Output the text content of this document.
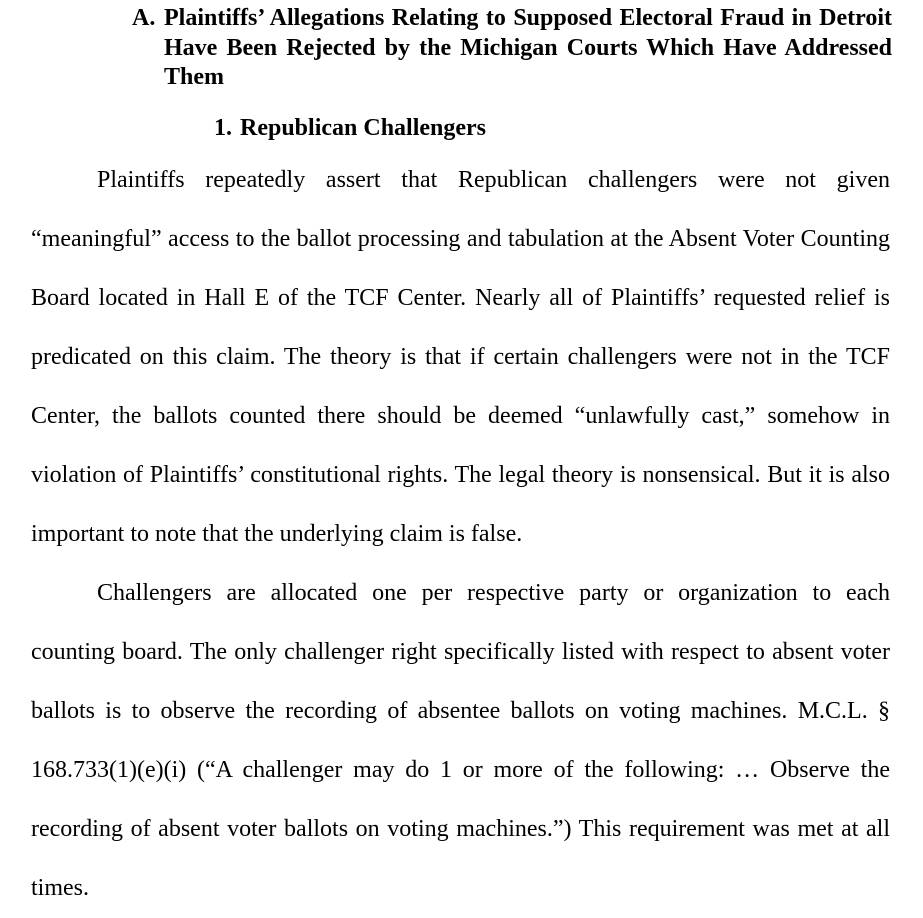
A. Plaintiffs’ Allegations Relating to Supposed Electoral Fraud in Detroit Have Been Rejected by the Michigan Courts Which Have Addressed Them
1. Republican Challengers

Plaintiffs repeatedly assert that Republican challengers were not given “meaningful” access to the ballot processing and tabulation at the Absent Voter Counting Board located in Hall E of the TCF Center. Nearly all of Plaintiffs’ requested relief is predicated on this claim. The theory is that if certain challengers were not in the TCF Center, the ballots counted there should be deemed “unlawfully cast,” somehow in violation of Plaintiffs’ constitutional rights. The legal theory is nonsensical. But it is also important to note that the underlying claim is false.

Challengers are allocated one per respective party or organization to each counting board. The only challenger right specifically listed with respect to absent voter ballots is to observe the recording of absentee ballots on voting machines. M.C.L. § 168.733(1)(e)(i) (“A challenger may do 1 or more of the following: … Observe the recording of absent voter ballots on voting machines.”) This requirement was met at all times.
